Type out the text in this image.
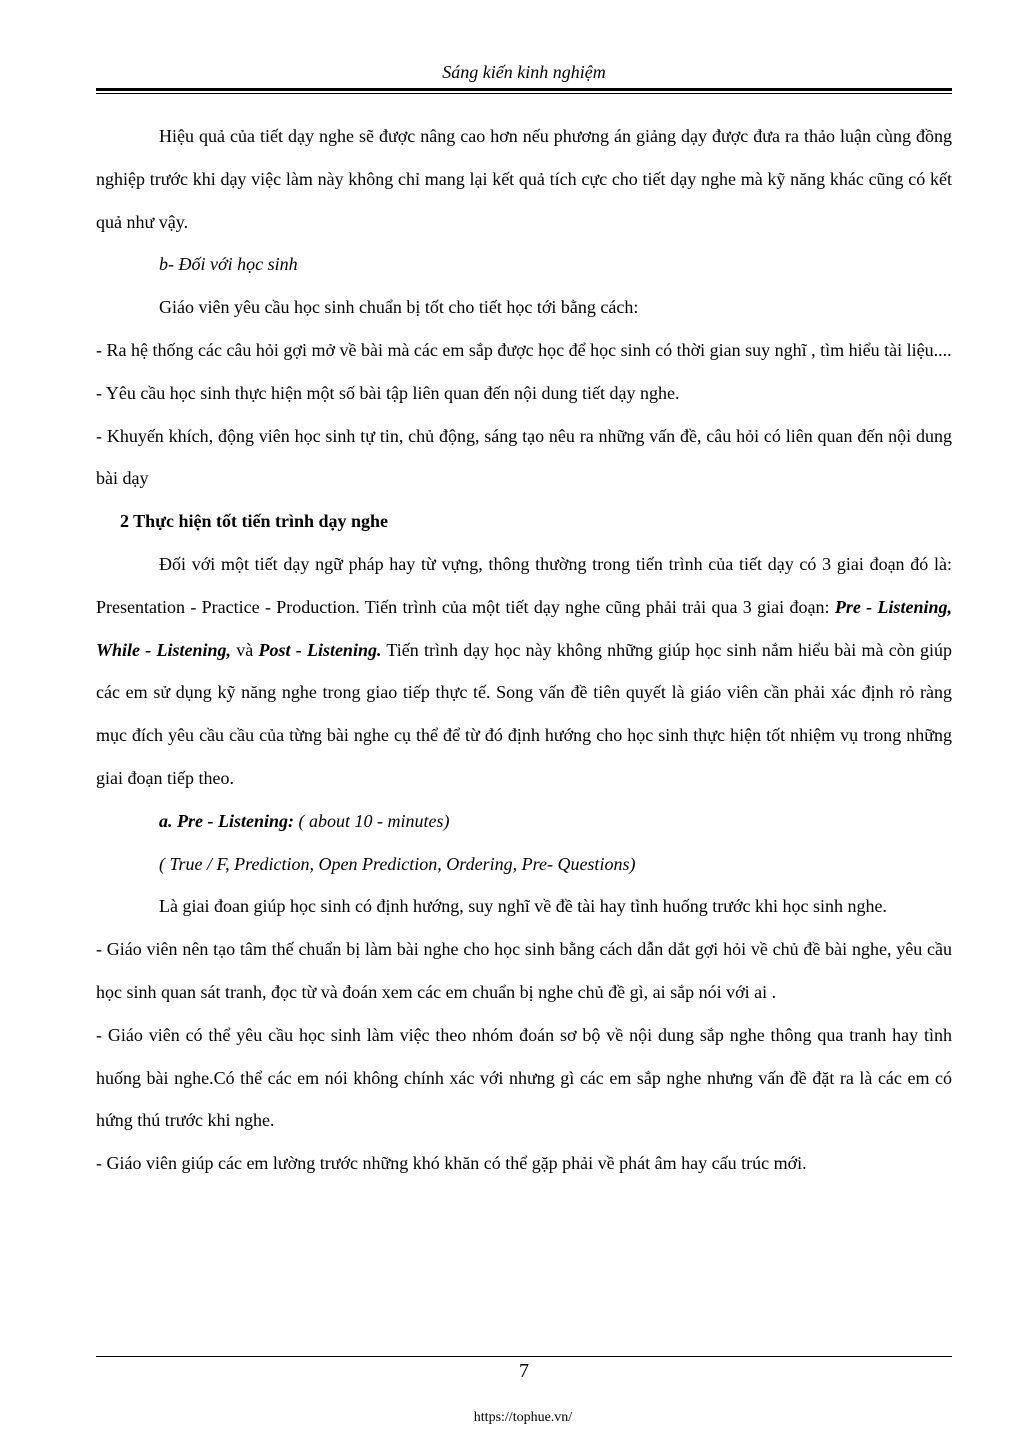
Sáng kiến kinh nghiệm

Hiệu quả của tiết dạy nghe sẽ được nâng cao hơn nếu phương án giảng dạy được đưa ra thảo luận cùng đồng nghiệp trước khi dạy việc làm này không chỉ mang lại kết quả tích cực cho tiết dạy nghe mà kỹ năng khác cũng có kết quả như vậy.

b- Đối với học sinh

Giáo viên yêu cầu học sinh chuẩn bị tốt cho tiết học tới bằng cách:

- Ra hệ thống các câu hỏi gợi mở về bài mà các em sắp được học để học sinh có thời gian suy nghĩ , tìm hiểu tài liệu....

- Yêu cầu học sinh thực hiện một số bài tập liên quan đến nội dung tiết dạy nghe.

- Khuyến khích, động viên học sinh tự tin, chủ động, sáng tạo nêu ra những vấn đề, câu hỏi có liên quan đến nội dung bài dạy

2 Thực hiện tốt tiến trình dạy nghe

Đối với một tiết dạy ngữ pháp hay từ vựng, thông thường trong tiến trình của tiết dạy có 3 giai đoạn đó là: Presentation - Practice - Production. Tiến trình của một tiết dạy nghe cũng phải trải qua 3 giai đoạn: Pre - Listening, While - Listening, và Post - Listening. Tiến trình dạy học này không những giúp học sinh nắm hiểu bài mà còn giúp các em sử dụng kỹ năng nghe trong giao tiếp thực tế. Song vấn đề tiên quyết là giáo viên cần phải xác định rỏ ràng mục đích yêu cầu cầu của từng bài nghe cụ thể để từ đó định hướng cho học sinh thực hiện tốt nhiệm vụ trong những giai đoạn tiếp theo.

a. Pre - Listening: ( about 10 - minutes)

( True / F, Prediction, Open Prediction, Ordering, Pre- Questions)

Là giai đoan giúp học sinh có định hướng, suy nghĩ về đề tài hay tình huống trước khi học sinh nghe.

- Giáo viên nên tạo tâm thế chuẩn bị làm bài nghe cho học sinh bằng cách dẫn dắt gợi hỏi về chủ đề bài nghe, yêu cầu học sinh quan sát tranh, đọc từ và đoán xem các em chuẩn bị nghe chủ đề gì, ai sắp nói với ai .

- Giáo viên có thể yêu cầu học sinh làm việc theo nhóm đoán sơ bộ về nội dung sắp nghe thông qua tranh hay tình huống bài nghe.Có thể các em nói không chính xác với nhưng gì các em sắp nghe nhưng vấn đề đặt ra là các em có hứng thú trước khi nghe.

- Giáo viên giúp các em lường trước những khó khăn có thể gặp phải về phát âm hay cấu trúc mới.

7
https://tophue.vn/
